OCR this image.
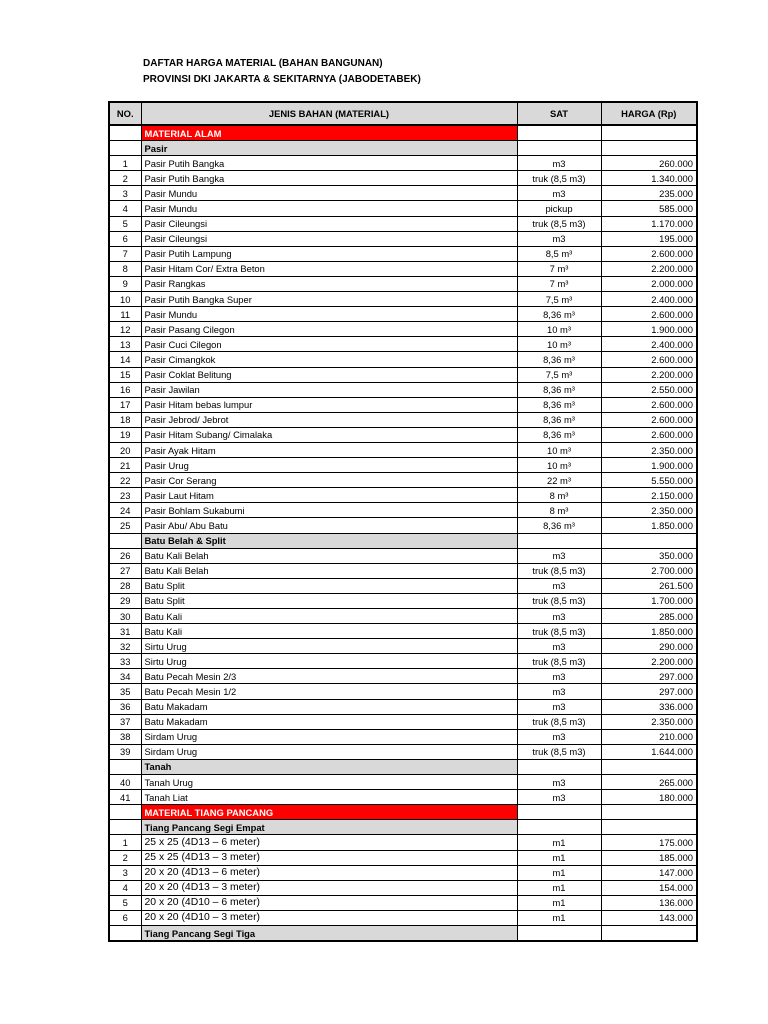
DAFTAR HARGA MATERIAL (BAHAN BANGUNAN)
PROVINSI DKI JAKARTA & SEKITARNYA (JABODETABEK)
NO.	JENIS BAHAN (MATERIAL)	SAT	HARGA (Rp)
	MATERIAL ALAM		
	Pasir		
1	Pasir Putih Bangka	m3	260.000
2	Pasir Putih Bangka	truk (8,5 m3)	1.340.000
3	Pasir Mundu	m3	235.000
4	Pasir Mundu	pickup	585.000
5	Pasir Cileungsi	truk (8,5 m3)	1.170.000
6	Pasir Cileungsi	m3	195.000
7	Pasir Putih Lampung	8,5 m³	2.600.000
8	Pasir Hitam Cor/ Extra Beton	7 m³	2.200.000
9	Pasir Rangkas	7 m³	2.000.000
10	Pasir Putih Bangka Super	7,5 m³	2.400.000
11	Pasir Mundu	8,36 m³	2.600.000
12	Pasir Pasang Cilegon	10 m³	1.900.000
13	Pasir Cuci Cilegon	10 m³	2.400.000
14	Pasir Cimangkok	8,36 m³	2.600.000
15	Pasir Coklat Belitung	7,5 m³	2.200.000
16	Pasir Jawilan	8,36 m³	2.550.000
17	Pasir Hitam bebas lumpur	8,36 m³	2.600.000
18	Pasir Jebrod/ Jebrot	8,36 m³	2.600.000
19	Pasir Hitam Subang/ Cimalaka	8,36 m³	2.600.000
20	Pasir Ayak Hitam	10 m³	2.350.000
21	Pasir Urug	10 m³	1.900.000
22	Pasir Cor Serang	22 m³	5.550.000
23	Pasir Laut Hitam	8 m³	2.150.000
24	Pasir Bohlam Sukabumi	8 m³	2.350.000
25	Pasir Abu/ Abu Batu	8,36 m³	1.850.000
	Batu Belah & Split		
26	Batu Kali Belah	m3	350.000
27	Batu Kali Belah	truk (8,5 m3)	2.700.000
28	Batu Split	m3	261.500
29	Batu Split	truk (8,5 m3)	1.700.000
30	Batu Kali	m3	285.000
31	Batu Kali	truk (8,5 m3)	1.850.000
32	Sirtu Urug	m3	290.000
33	Sirtu Urug	truk (8,5 m3)	2.200.000
34	Batu Pecah Mesin 2/3	m3	297.000
35	Batu Pecah Mesin 1/2	m3	297.000
36	Batu Makadam	m3	336.000
37	Batu Makadam	truk (8,5 m3)	2.350.000
38	Sirdam Urug	m3	210.000
39	Sirdam Urug	truk (8,5 m3)	1.644.000
	Tanah		
40	Tanah Urug	m3	265.000
41	Tanah Liat	m3	180.000
	MATERIAL TIANG PANCANG		
	Tiang Pancang Segi Empat		
1	25 x 25 (4D13 – 6 meter)	m1	175.000
2	25 x 25 (4D13 – 3 meter)	m1	185.000
3	20 x 20 (4D13 – 6 meter)	m1	147.000
4	20 x 20 (4D13 – 3 meter)	m1	154.000
5	20 x 20 (4D10 – 6 meter)	m1	136.000
6	20 x 20 (4D10 – 3 meter)	m1	143.000
	Tiang Pancang Segi Tiga		
